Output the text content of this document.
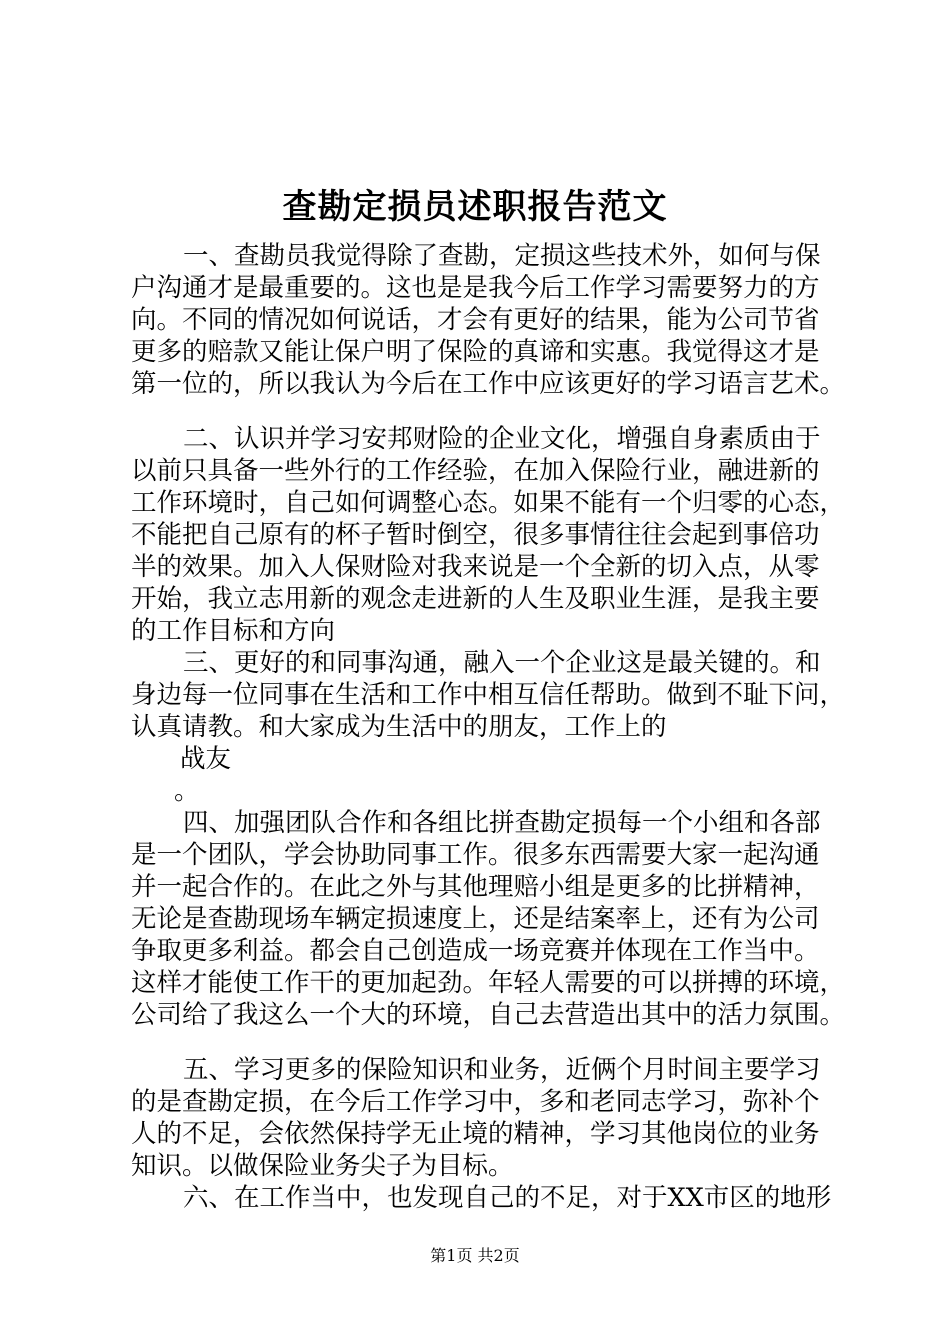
查勘定损员述职报告范文
一、查勘员我觉得除了查勘，定损这些技术外，如何与保
户沟通才是最重要的。这也是是我今后工作学习需要努力的方
向。不同的情况如何说话，才会有更好的结果，能为公司节省
更多的赔款又能让保户明了保险的真谛和实惠。我觉得这才是
第一位的，所以我认为今后在工作中应该更好的学习语言艺术。
二、认识并学习安邦财险的企业文化，增强自身素质由于
以前只具备一些外行的工作经验，在加入保险行业，融进新的
工作环境时，自己如何调整心态。如果不能有一个归零的心态，
不能把自己原有的杯子暂时倒空，很多事情往往会起到事倍功
半的效果。加入人保财险对我来说是一个全新的切入点，从零
开始，我立志用新的观念走进新的人生及职业生涯，是我主要
的工作目标和方向
三、更好的和同事沟通，融入一个企业这是最关键的。和
身边每一位同事在生活和工作中相互信任帮助。做到不耻下问，
认真请教。和大家成为生活中的朋友，工作上的
战友
。
四、加强团队合作和各组比拼查勘定损每一个小组和各部
是一个团队，学会协助同事工作。很多东西需要大家一起沟通
并一起合作的。在此之外与其他理赔小组是更多的比拼精神，
无论是查勘现场车辆定损速度上，还是结案率上，还有为公司
争取更多利益。都会自己创造成一场竞赛并体现在工作当中。
这样才能使工作干的更加起劲。年轻人需要的可以拼搏的环境，
公司给了我这么一个大的环境，自己去营造出其中的活力氛围。
五、学习更多的保险知识和业务，近俩个月时间主要学习
的是查勘定损，在今后工作学习中，多和老同志学习，弥补个
人的不足，会依然保持学无止境的精神，学习其他岗位的业务
知识。以做保险业务尖子为目标。
六、在工作当中，也发现自己的不足，对于XX市区的地形
第1页 共2页
